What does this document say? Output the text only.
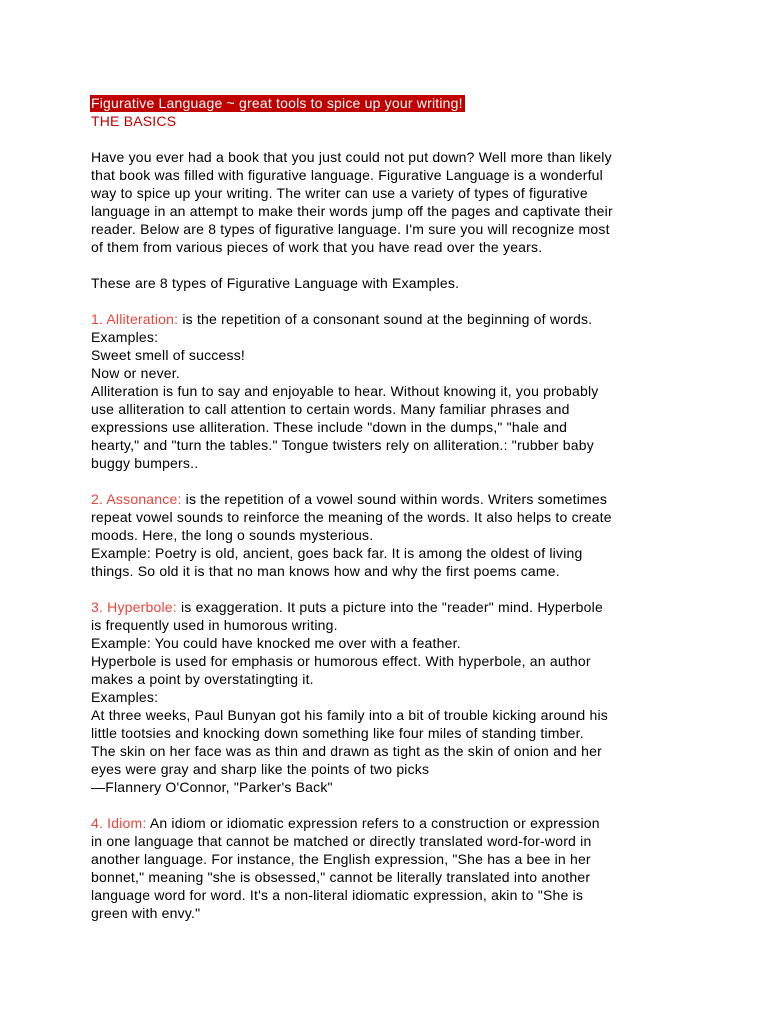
Figurative Language ~ great tools to spice up your writing!
THE BASICS

Have you ever had a book that you just could not put down? Well more than likely
that book was filled with figurative language. Figurative Language is a wonderful
way to spice up your writing. The writer can use a variety of types of figurative
language in an attempt to make their words jump off the pages and captivate their
reader. Below are 8 types of figurative language. I'm sure you will recognize most
of them from various pieces of work that you have read over the years.

These are 8 types of Figurative Language with Examples.

1. Alliteration: is the repetition of a consonant sound at the beginning of words.
Examples:
Sweet smell of success!
Now or never.
Alliteration is fun to say and enjoyable to hear. Without knowing it, you probably
use alliteration to call attention to certain words. Many familiar phrases and
expressions use alliteration. These include "down in the dumps," "hale and
hearty," and "turn the tables." Tongue twisters rely on alliteration.: "rubber baby
buggy bumpers..

2. Assonance: is the repetition of a vowel sound within words. Writers sometimes
repeat vowel sounds to reinforce the meaning of the words. It also helps to create
moods. Here, the long o sounds mysterious.
Example: Poetry is old, ancient, goes back far. It is among the oldest of living
things. So old it is that no man knows how and why the first poems came.

3. Hyperbole: is exaggeration. It puts a picture into the "reader" mind. Hyperbole
is frequently used in humorous writing.
Example: You could have knocked me over with a feather.
Hyperbole is used for emphasis or humorous effect. With hyperbole, an author
makes a point by overstatingting it.
Examples:
At three weeks, Paul Bunyan got his family into a bit of trouble kicking around his
little tootsies and knocking down something like four miles of standing timber.
The skin on her face was as thin and drawn as tight as the skin of onion and her
eyes were gray and sharp like the points of two picks
—Flannery O'Connor, "Parker's Back"

4. Idiom: An idiom or idiomatic expression refers to a construction or expression
in one language that cannot be matched or directly translated word-for-word in
another language. For instance, the English expression, "She has a bee in her
bonnet," meaning "she is obsessed," cannot be literally translated into another
language word for word. It's a non-literal idiomatic expression, akin to "She is
green with envy."
